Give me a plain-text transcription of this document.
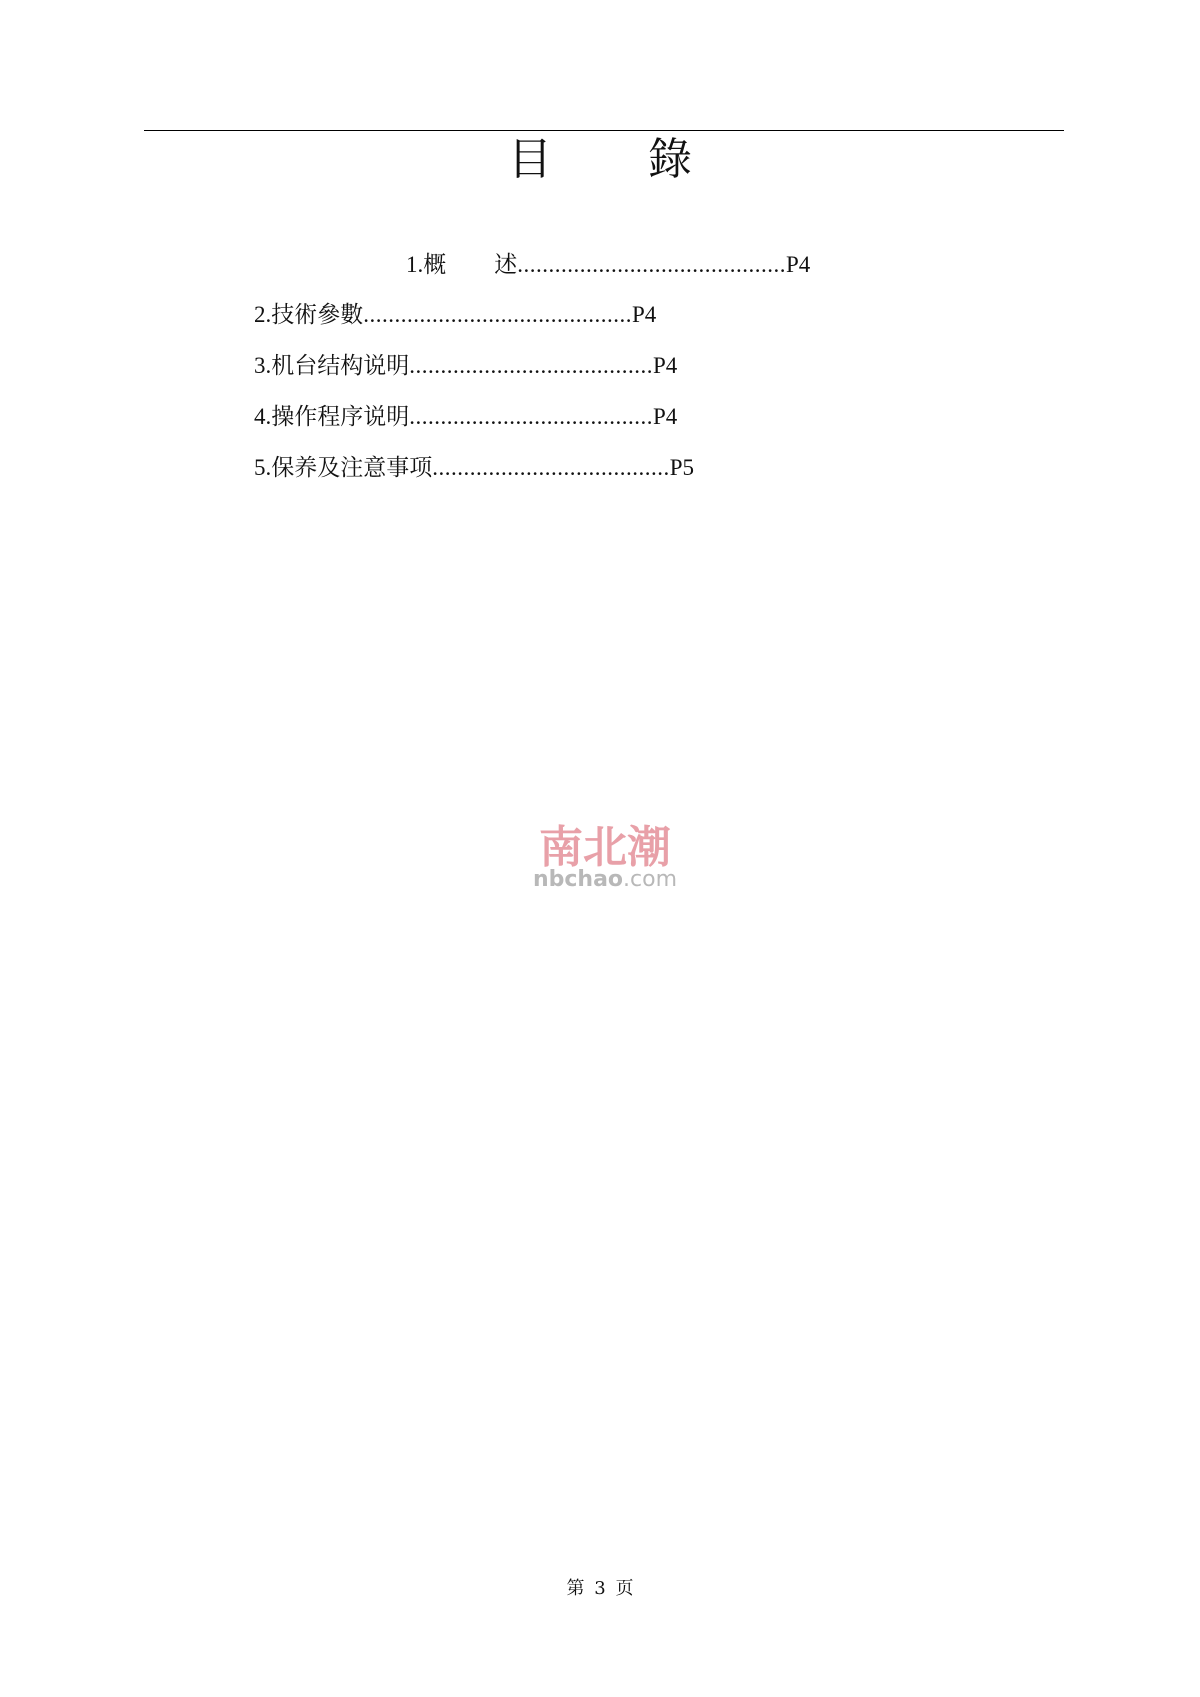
目 錄
1.概 述...........................................P4
2.技術參數...........................................P4
3.机台结构说明.......................................P4
4.操作程序说明.......................................P4
5.保养及注意事项......................................P5
南北潮
nbchao.com
第 3 页
